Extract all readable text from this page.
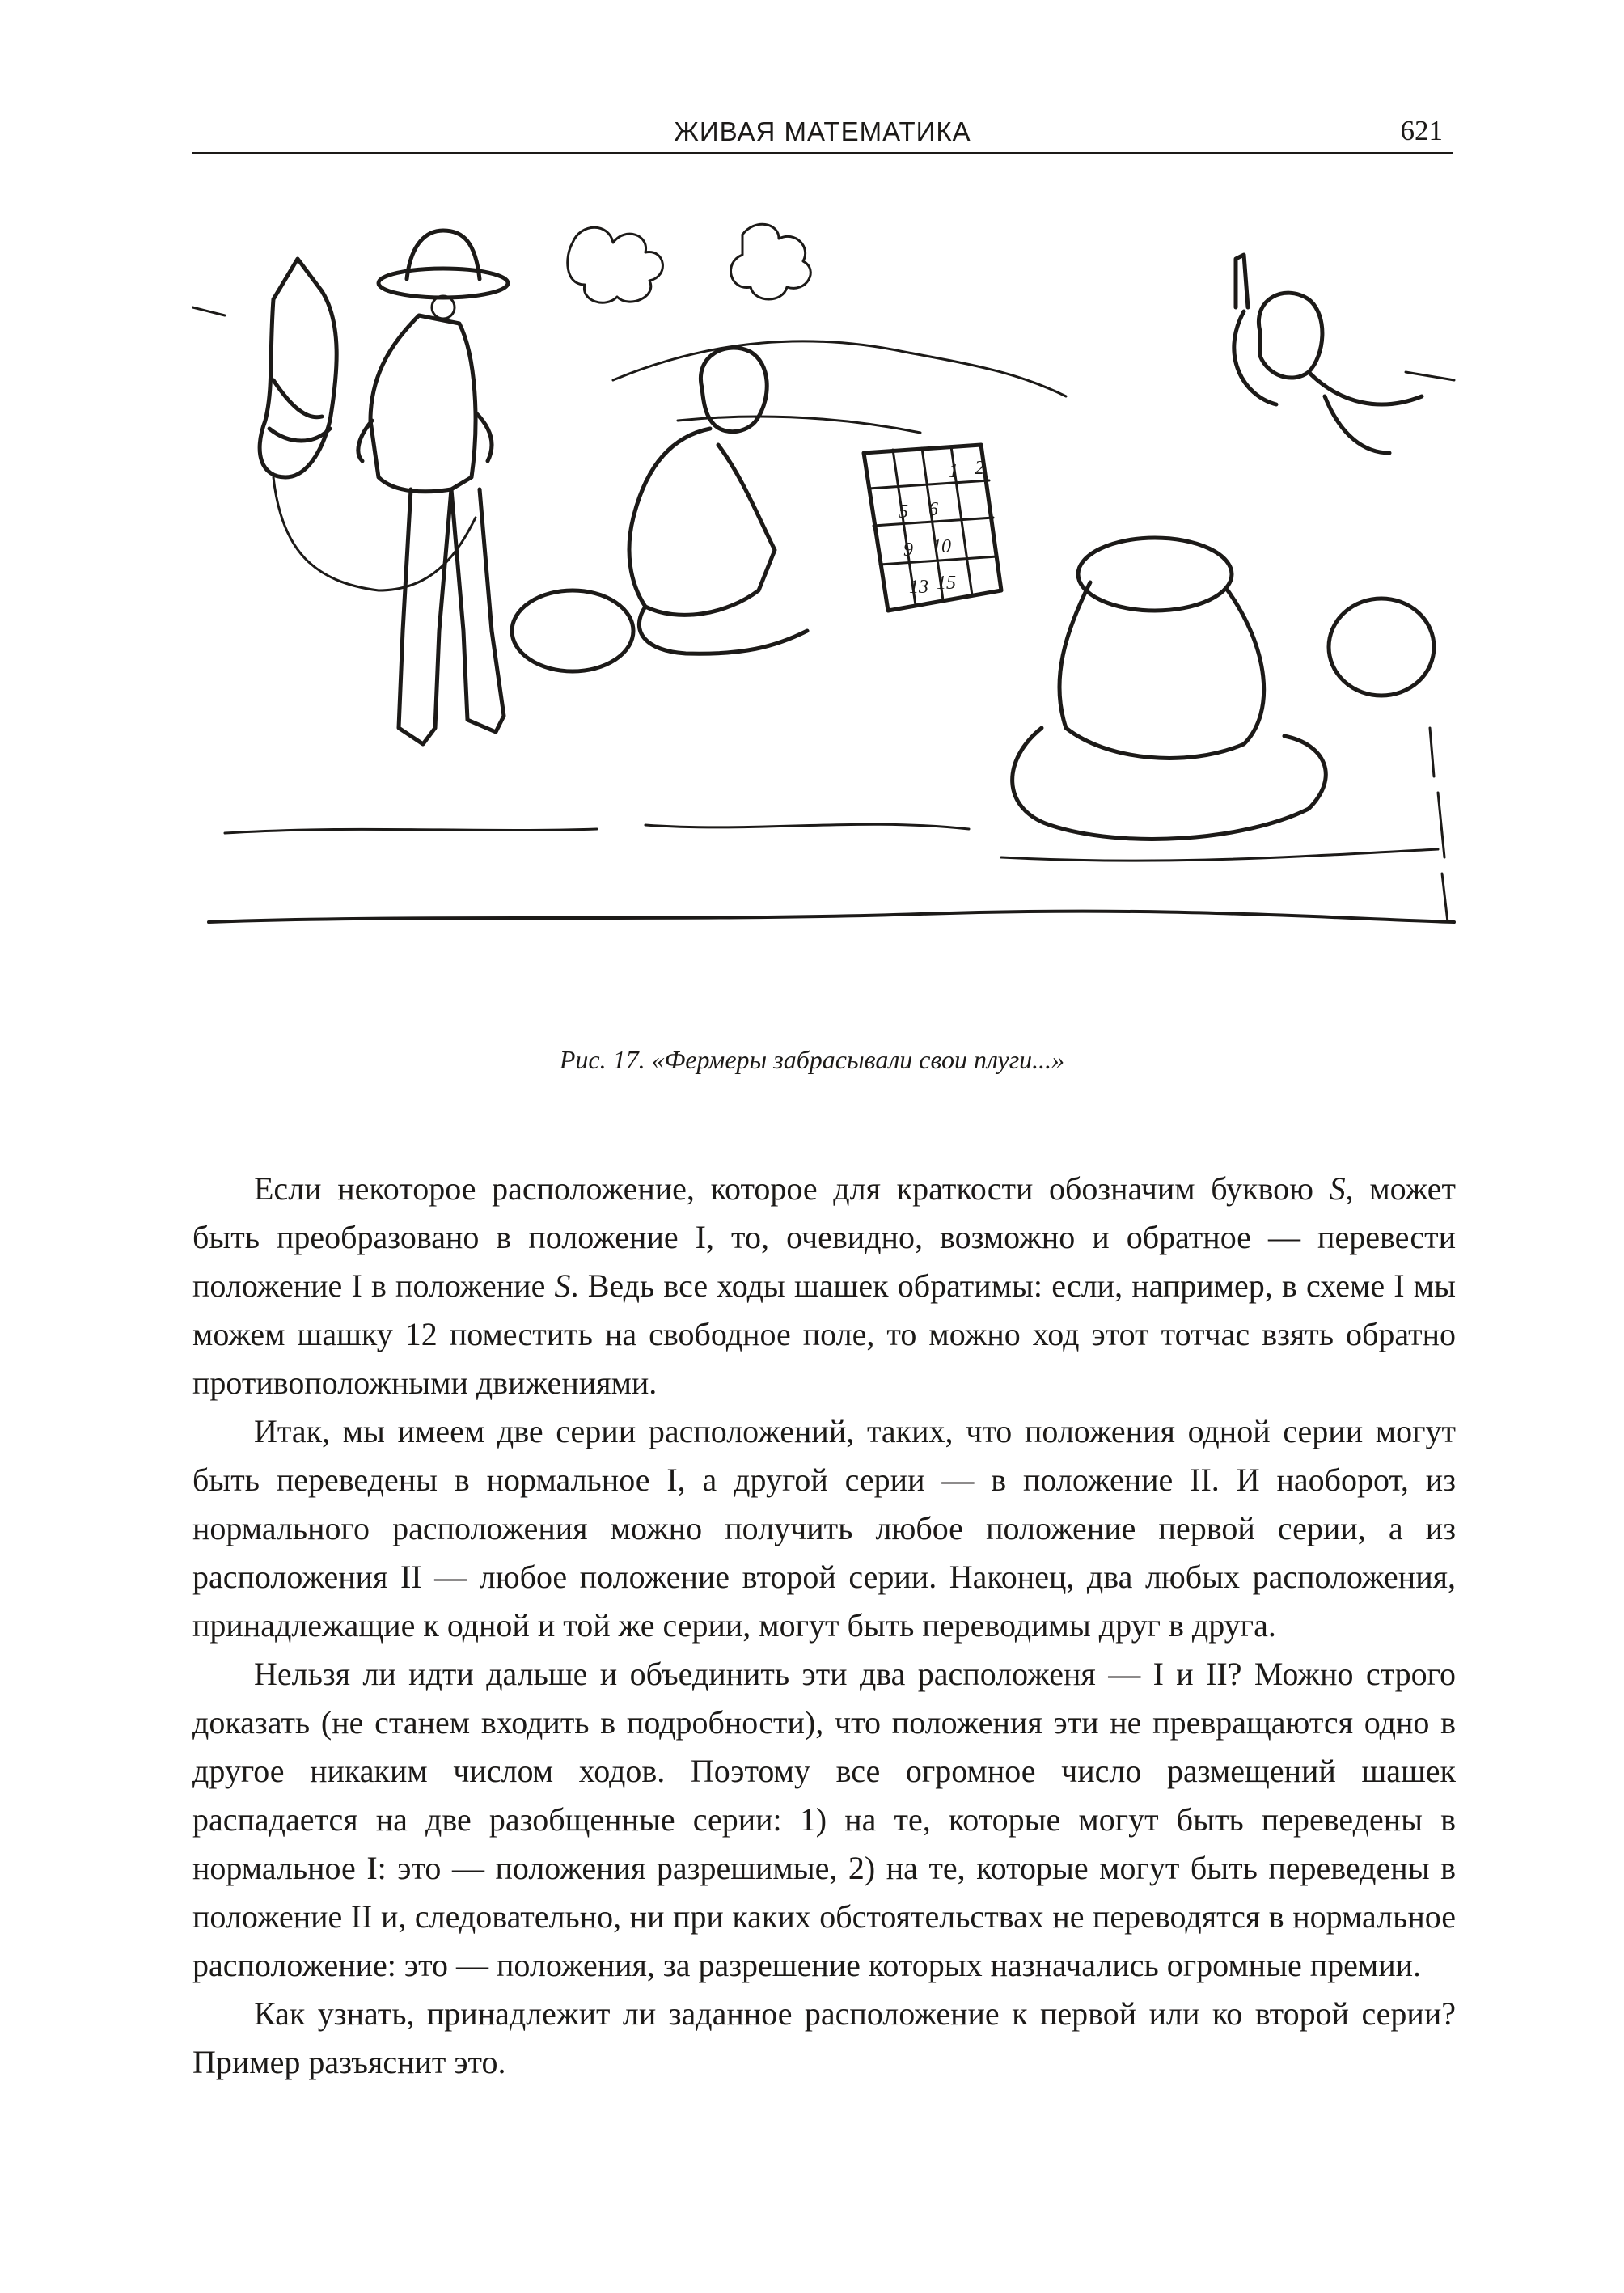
ЖИВАЯ МАТЕМАТИКА	621
1 2
5 6
9 10
13 15
Рис. 17. «Фермеры забрасывали свои плуги...»

Если некоторое расположение, которое для краткости обозначим буквою S, может быть преобразовано в положение I, то, очевидно, возможно и обратное — перевести положение I в положение S. Ведь все ходы шашек обратимы: если, например, в схеме I мы можем шашку 12 поместить на свободное поле, то можно ход этот тотчас взять обратно противоположными движениями.

Итак, мы имеем две серии расположений, таких, что положения одной серии могут быть переведены в нормальное I, а другой серии — в положение II. И наоборот, из нормального расположения можно получить любое положение первой серии, а из расположения II — любое положение второй серии. Наконец, два любых расположения, принадлежащие к одной и той же серии, могут быть переводимы друг в друга.

Нельзя ли идти дальше и объединить эти два расположеня — I и II? Можно строго доказать (не станем входить в подробности), что положения эти не превращаются одно в другое никаким числом ходов. Поэтому все огромное число размещений шашек распадается на две разобщенные серии: 1) на те, которые могут быть переведены в нормальное I: это — положения разрешимые, 2) на те, которые могут быть переведены в положение II и, следовательно, ни при каких обстоятельствах не переводятся в нормальное расположение: это — положения, за разрешение которых назначались огромные премии.

Как узнать, принадлежит ли заданное расположение к первой или ко второй серии? Пример разъяснит это.
